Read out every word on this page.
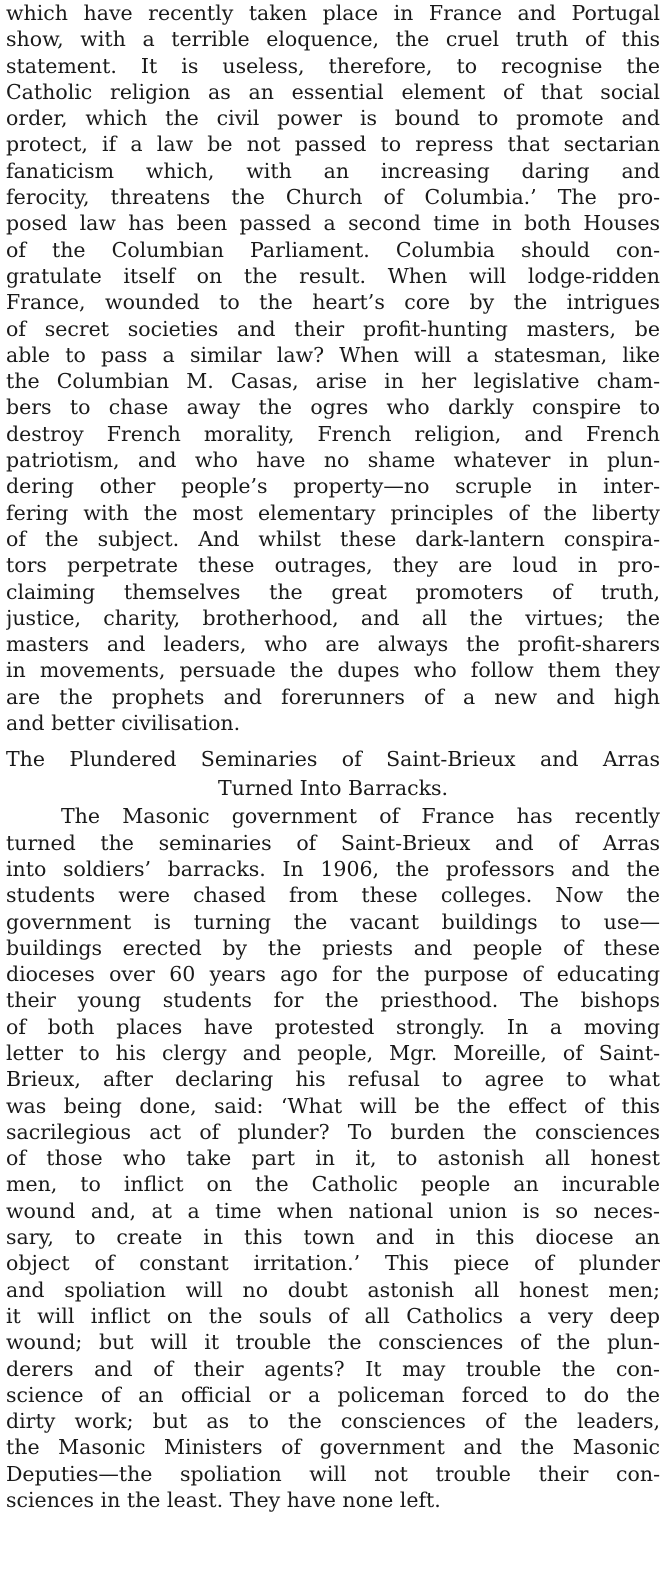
which have recently taken place in France and Portugal
show, with a terrible eloquence, the cruel truth of this
statement. It is useless, therefore, to recognise the
Catholic religion as an essential element of that social
order, which the civil power is bound to promote and
protect, if a law be not passed to repress that sectarian
fanaticism which, with an increasing daring and
ferocity, threatens the Church of Columbia.’ The pro-
posed law has been passed a second time in both Houses
of the Columbian Parliament. Columbia should con-
gratulate itself on the result. When will lodge-ridden
France, wounded to the heart’s core by the intrigues
of secret societies and their profit-hunting masters, be
able to pass a similar law? When will a statesman, like
the Columbian M. Casas, arise in her legislative cham-
bers to chase away the ogres who darkly conspire to
destroy French morality, French religion, and French
patriotism, and who have no shame whatever in plun-
dering other people’s property—no scruple in inter-
fering with the most elementary principles of the liberty
of the subject. And whilst these dark-lantern conspira-
tors perpetrate these outrages, they are loud in pro-
claiming themselves the great promoters of truth,
justice, charity, brotherhood, and all the virtues; the
masters and leaders, who are always the profit-sharers
in movements, persuade the dupes who follow them they
are the prophets and forerunners of a new and high
and better civilisation.
The Plundered Seminaries of Saint-Brieux and Arras
Turned Into Barracks.
The Masonic government of France has recently
turned the seminaries of Saint-Brieux and of Arras
into soldiers’ barracks. In 1906, the professors and the
students were chased from these colleges. Now the
government is turning the vacant buildings to use—
buildings erected by the priests and people of these
dioceses over 60 years ago for the purpose of educating
their young students for the priesthood. The bishops
of both places have protested strongly. In a moving
letter to his clergy and people, Mgr. Moreille, of Saint-
Brieux, after declaring his refusal to agree to what
was being done, said: ‘What will be the effect of this
sacrilegious act of plunder? To burden the consciences
of those who take part in it, to astonish all honest
men, to inflict on the Catholic people an incurable
wound and, at a time when national union is so neces-
sary, to create in this town and in this diocese an
object of constant irritation.’ This piece of plunder
and spoliation will no doubt astonish all honest men;
it will inflict on the souls of all Catholics a very deep
wound; but will it trouble the consciences of the plun-
derers and of their agents? It may trouble the con-
science of an official or a policeman forced to do the
dirty work; but as to the consciences of the leaders,
the Masonic Ministers of government and the Masonic
Deputies—the spoliation will not trouble their con-
sciences in the least. They have none left.
